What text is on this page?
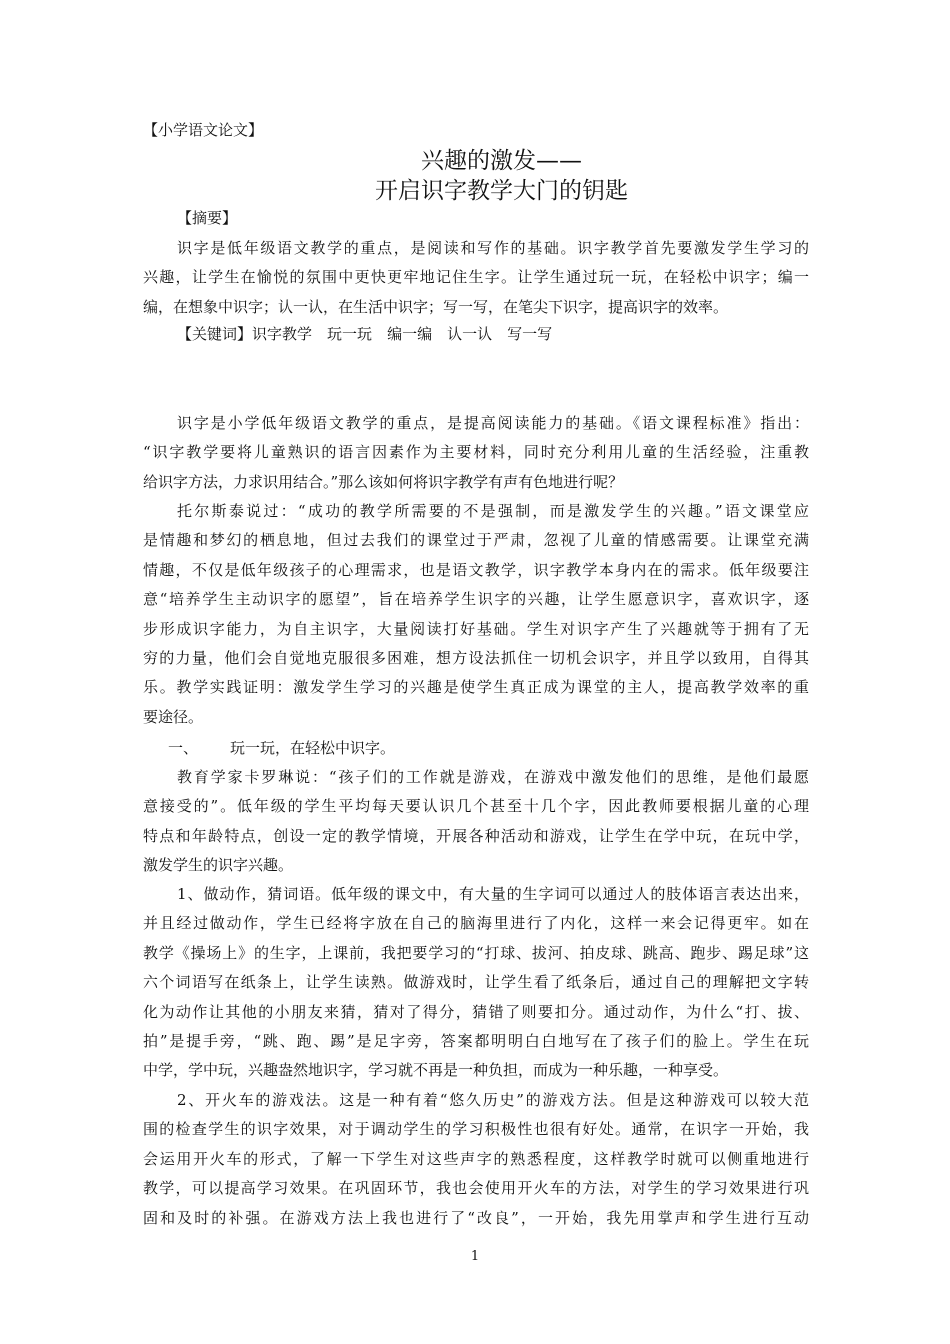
【小学语文论文】
兴趣的激发——
开启识字教学大门的钥匙
【摘要】
识字是低年级语文教学的重点，是阅读和写作的基础。识字教学首先要激发学生学习的
兴趣，让学生在愉悦的氛围中更快更牢地记住生字。让学生通过玩一玩，在轻松中识字；编一
编，在想象中识字；认一认，在生活中识字；写一写，在笔尖下识字，提高识字的效率。
【关键词】识字教学　 玩一玩　 编一编　 认一认　 写一写
识字是小学低年级语文教学的重点，是提高阅读能力的基础。《语文课程标准》指出：
“识字教学要将儿童熟识的语言因素作为主要材料，同时充分利用儿童的生活经验，注重教
给识字方法，力求识用结合。”那么该如何将识字教学有声有色地进行呢？
托尔斯泰说过：“成功的教学所需要的不是强制，而是激发学生的兴趣。”语文课堂应
是情趣和梦幻的栖息地，但过去我们的课堂过于严肃，忽视了儿童的情感需要。让课堂充满
情趣，不仅是低年级孩子的心理需求，也是语文教学，识字教学本身内在的需求。低年级要注
意“培养学生主动识字的愿望”，旨在培养学生识字的兴趣，让学生愿意识字，喜欢识字，逐
步形成识字能力，为自主识字，大量阅读打好基础。学生对识字产生了兴趣就等于拥有了无
穷的力量，他们会自觉地克服很多困难，想方设法抓住一切机会识字，并且学以致用，自得其
乐。教学实践证明：激发学生学习的兴趣是使学生真正成为课堂的主人，提高教学效率的重
要途径。
一、 玩一玩，在轻松中识字。
教育学家卡罗琳说：“孩子们的工作就是游戏，在游戏中激发他们的思维，是他们最愿
意接受的”。低年级的学生平均每天要认识几个甚至十几个字，因此教师要根据儿童的心理
特点和年龄特点，创设一定的教学情境，开展各种活动和游戏，让学生在学中玩，在玩中学，
激发学生的识字兴趣。
1、做动作，猜词语。低年级的课文中，有大量的生字词可以通过人的肢体语言表达出来，
并且经过做动作，学生已经将字放在自己的脑海里进行了内化，这样一来会记得更牢。如在
教学《操场上》的生字，上课前，我把要学习的“打球、拔河、拍皮球、跳高、跑步、踢足球”这
六个词语写在纸条上，让学生读熟。做游戏时，让学生看了纸条后，通过自己的理解把文字转
化为动作让其他的小朋友来猜，猜对了得分，猜错了则要扣分。通过动作，为什么“打、拔、
拍”是提手旁，“跳、跑、踢”是足字旁，答案都明明白白地写在了孩子们的脸上。学生在玩
中学，学中玩，兴趣盎然地识字，学习就不再是一种负担，而成为一种乐趣，一种享受。
2、开火车的游戏法。这是一种有着“悠久历史”的游戏方法。但是这种游戏可以较大范
围的检查学生的识字效果，对于调动学生的学习积极性也很有好处。通常，在识字一开始，我
会运用开火车的形式，了解一下学生对这些声字的熟悉程度，这样教学时就可以侧重地进行
教学，可以提高学习效果。在巩固环节，我也会使用开火车的方法，对学生的学习效果进行巩
固和及时的补强。在游戏方法上我也进行了“改良”，一开始，我先用掌声和学生进行互动
1
